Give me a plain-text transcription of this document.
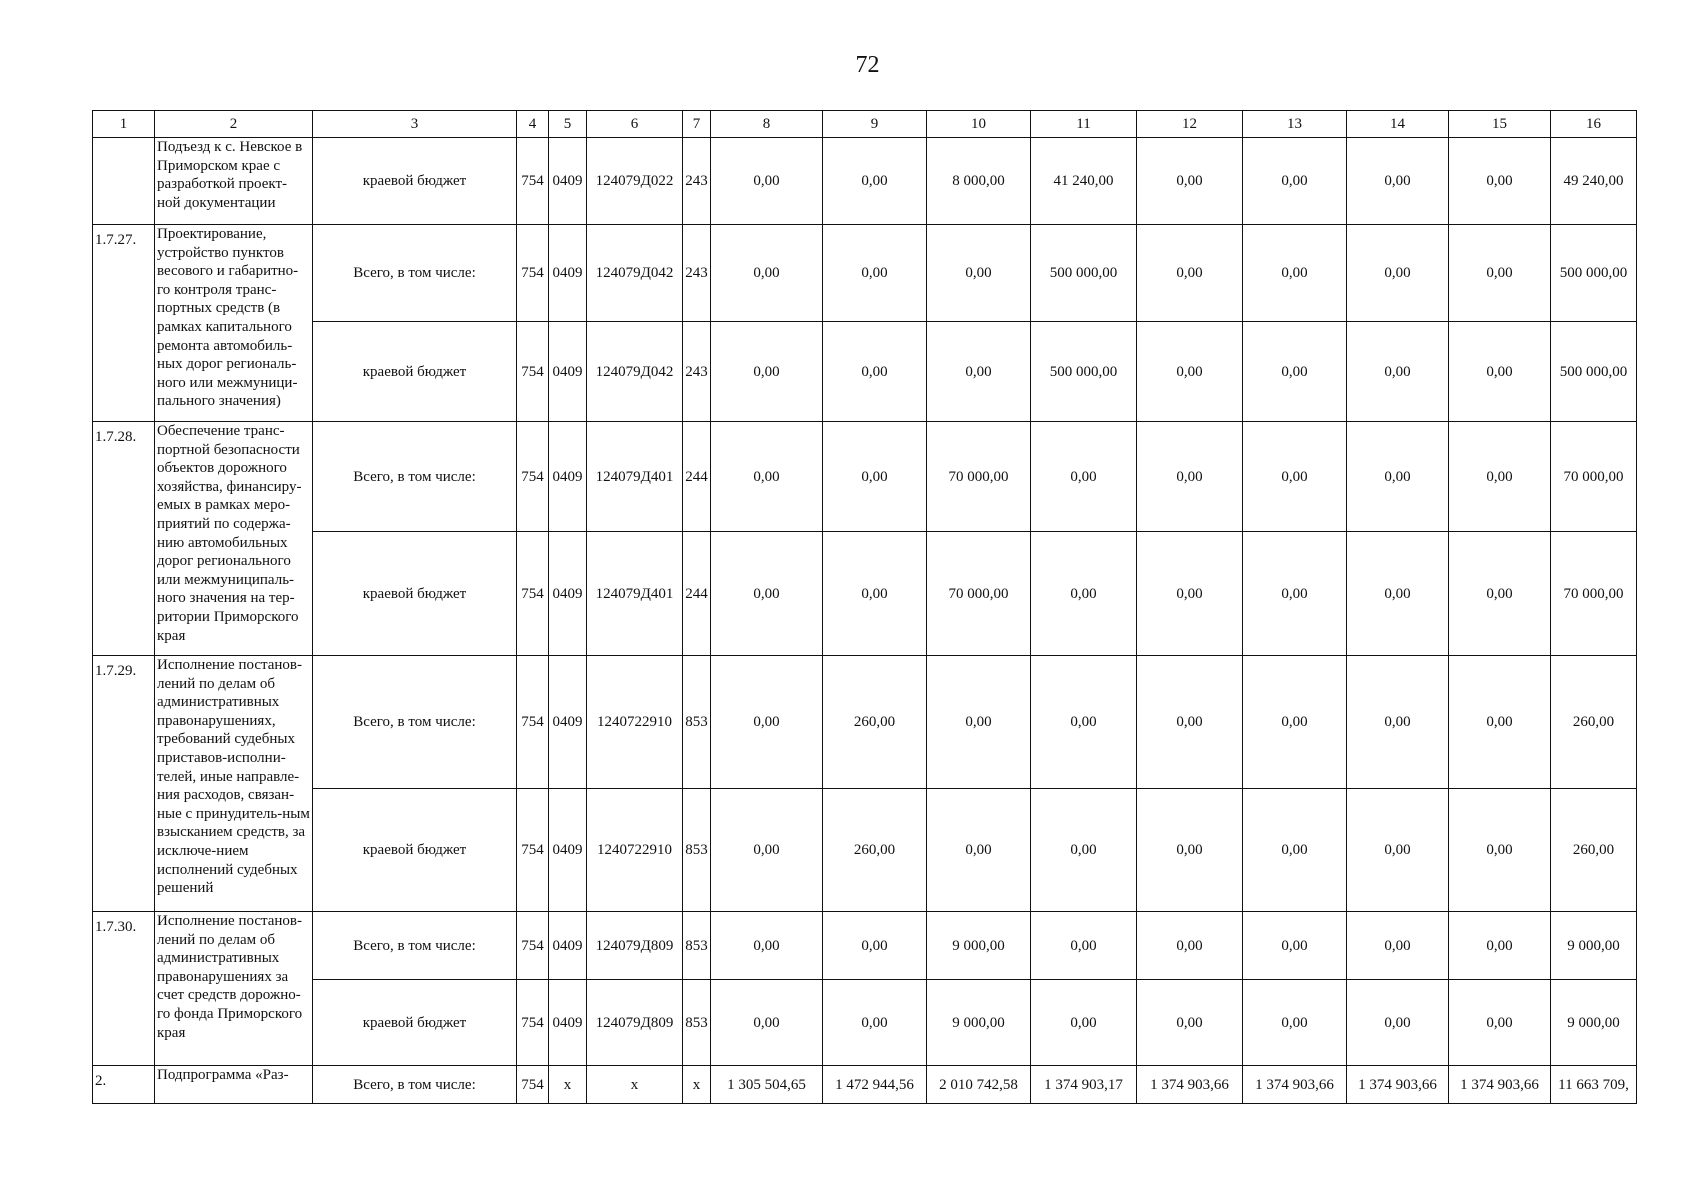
72
1	2	3	4	5	6	7	8	9	10	11	12	13	14	15	16
	Подъезд к с. Невское в Приморском крае с разработкой проект-ной документации	краевой бюджет	754	0409	124079Д022	243	0,00	0,00	8 000,00	41 240,00	0,00	0,00	0,00	0,00	49 240,00
1.7.27.	Проектирование, устройство пунктов весового и габаритно-го контроля транс-портных средств (в рамках капитального ремонта автомобиль-ных дорог региональ-ного или межмуници-пального значения)	Всего, в том числе:	754	0409	124079Д042	243	0,00	0,00	0,00	500 000,00	0,00	0,00	0,00	0,00	500 000,00
		краевой бюджет	754	0409	124079Д042	243	0,00	0,00	0,00	500 000,00	0,00	0,00	0,00	0,00	500 000,00
1.7.28.	Обеспечение транс-портной безопасности объектов дорожного хозяйства, финансиру-емых в рамках меро-приятий по содержа-нию автомобильных дорог регионального или межмуниципаль-ного значения на тер-ритории Приморского края	Всего, в том числе:	754	0409	124079Д401	244	0,00	0,00	70 000,00	0,00	0,00	0,00	0,00	0,00	70 000,00
		краевой бюджет	754	0409	124079Д401	244	0,00	0,00	70 000,00	0,00	0,00	0,00	0,00	0,00	70 000,00
1.7.29.	Исполнение постанов-лений по делам об административных правонарушениях, требований судебных приставов-исполни-телей, иные направле-ния расходов, связан-ные с принудитель-ным взысканием средств, за исключе-нием исполнений судебных решений	Всего, в том числе:	754	0409	1240722910	853	0,00	260,00	0,00	0,00	0,00	0,00	0,00	0,00	260,00
		краевой бюджет	754	0409	1240722910	853	0,00	260,00	0,00	0,00	0,00	0,00	0,00	0,00	260,00
1.7.30.	Исполнение постанов-лений по делам об административных правонарушениях за счет средств дорожно-го фонда Приморского края	Всего, в том числе:	754	0409	124079Д809	853	0,00	0,00	9 000,00	0,00	0,00	0,00	0,00	0,00	9 000,00
		краевой бюджет	754	0409	124079Д809	853	0,00	0,00	9 000,00	0,00	0,00	0,00	0,00	0,00	9 000,00
2.	Подпрограмма «Раз-	Всего, в том числе:	754	x	x	x	1 305 504,65	1 472 944,56	2 010 742,58	1 374 903,17	1 374 903,66	1 374 903,66	1 374 903,66	1 374 903,66	11 663 709,
